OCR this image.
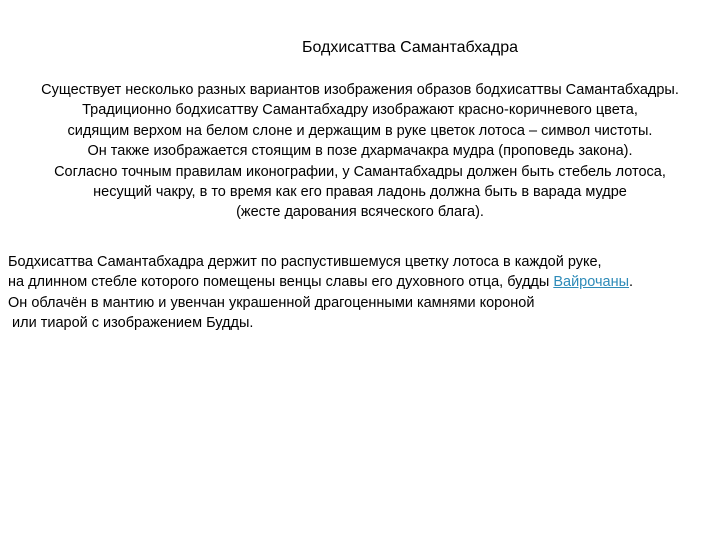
Бодхисаттва Самантабхадра
Существует несколько разных вариантов изображения образов бодхисаттвы Самантабхадры.
Традиционно бодхисаттву Самантабхадру изображают красно-коричневого цвета,
сидящим верхом на белом слоне и держащим в руке цветок лотоса – символ чистоты.
Он также изображается стоящим в позе дхармачакра мудра (проповедь закона).
Согласно точным правилам иконографии, у Самантабхадры должен быть стебель лотоса,
несущий чакру, в то время как его правая ладонь должна быть в варада мудре
(жесте дарования всяческого блага).
Бодхисаттва Самантабхадра держит по распустившемуся цветку лотоса в каждой руке,
на длинном стебле которого помещены венцы славы его духовного отца, будды Вайрочаны.
Он облачён в мантию и увенчан украшенной драгоценными камнями короной
или тиарой с изображением Будды.
